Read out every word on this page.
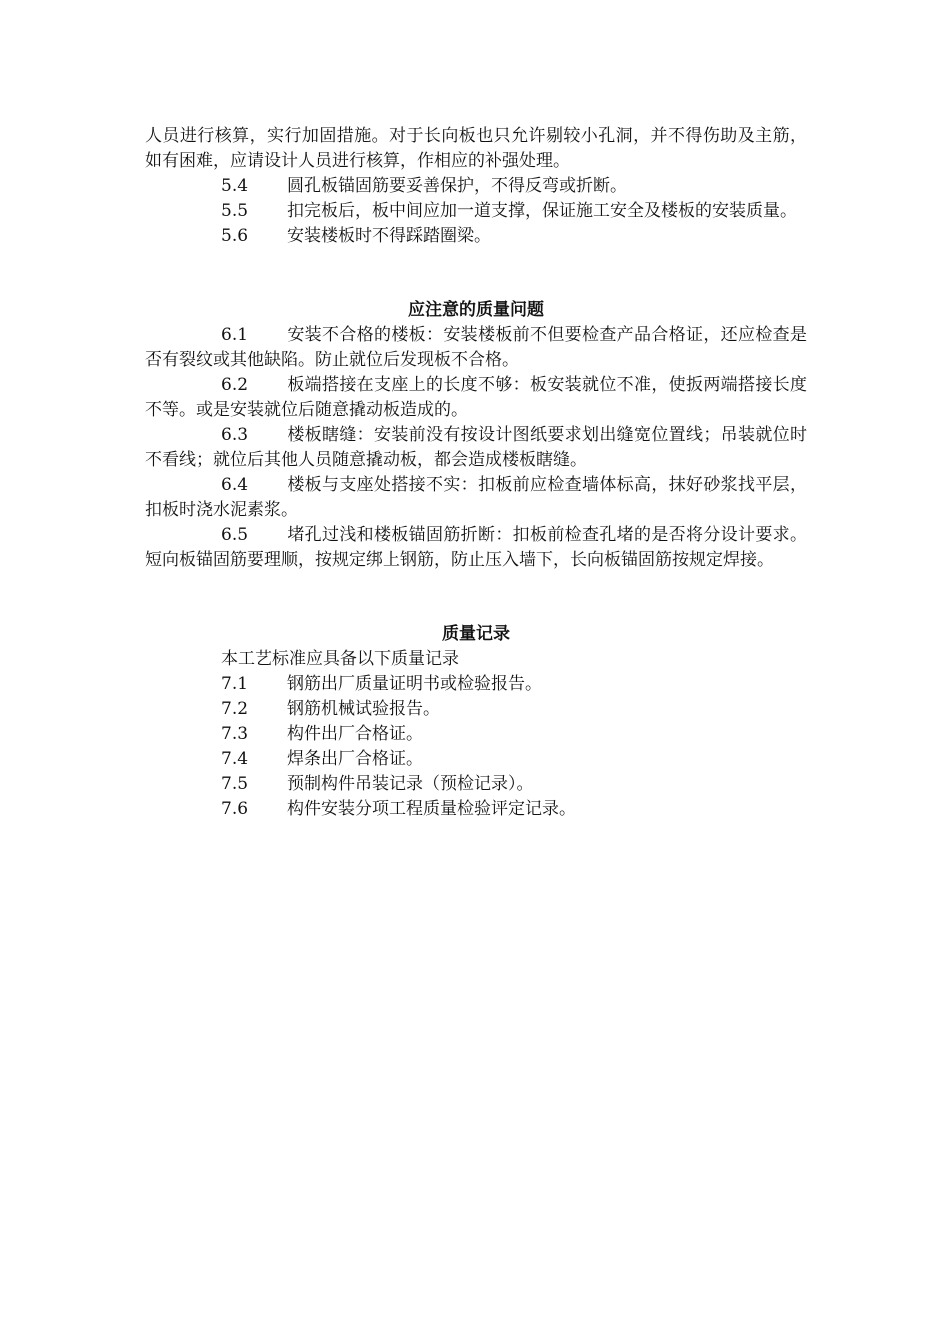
人员进行核算，实行加固措施。对于长向板也只允许剔较小孔洞，并不得伤助及主筋，如有困难，应请设计人员进行核算，作相应的补强处理。

5.4 圆孔板锚固筋要妥善保护，不得反弯或折断。

5.5 扣完板后，板中间应加一道支撑，保证施工安全及楼板的安装质量。

5.6 安装楼板时不得踩踏圈梁。

应注意的质量问题

6.1 安装不合格的楼板：安装楼板前不但要检查产品合格证，还应检查是否有裂纹或其他缺陷。防止就位后发现板不合格。

6.2 板端搭接在支座上的长度不够：板安装就位不准，使扳两端搭接长度不等。或是安装就位后随意撬动板造成的。

6.3 楼板瞎缝：安装前没有按设计图纸要求划出缝宽位置线；吊装就位时不看线；就位后其他人员随意撬动板，都会造成楼板瞎缝。

6.4 楼板与支座处搭接不实：扣板前应检查墙体标高，抹好砂浆找平层，扣板时浇水泥素浆。

6.5 堵孔过浅和楼板锚固筋折断：扣板前检查孔堵的是否将分设计要求。短向板锚固筋要理顺，按规定绑上钢筋，防止压入墙下，长向板锚固筋按规定焊接。

质量记录

本工艺标准应具备以下质量记录

7.1 钢筋出厂质量证明书或检验报告。

7.2 钢筋机械试验报告。

7.3 构件出厂合格证。

7.4 焊条出厂合格证。

7.5 预制构件吊装记录（预检记录）。

7.6 构件安装分项工程质量检验评定记录。
